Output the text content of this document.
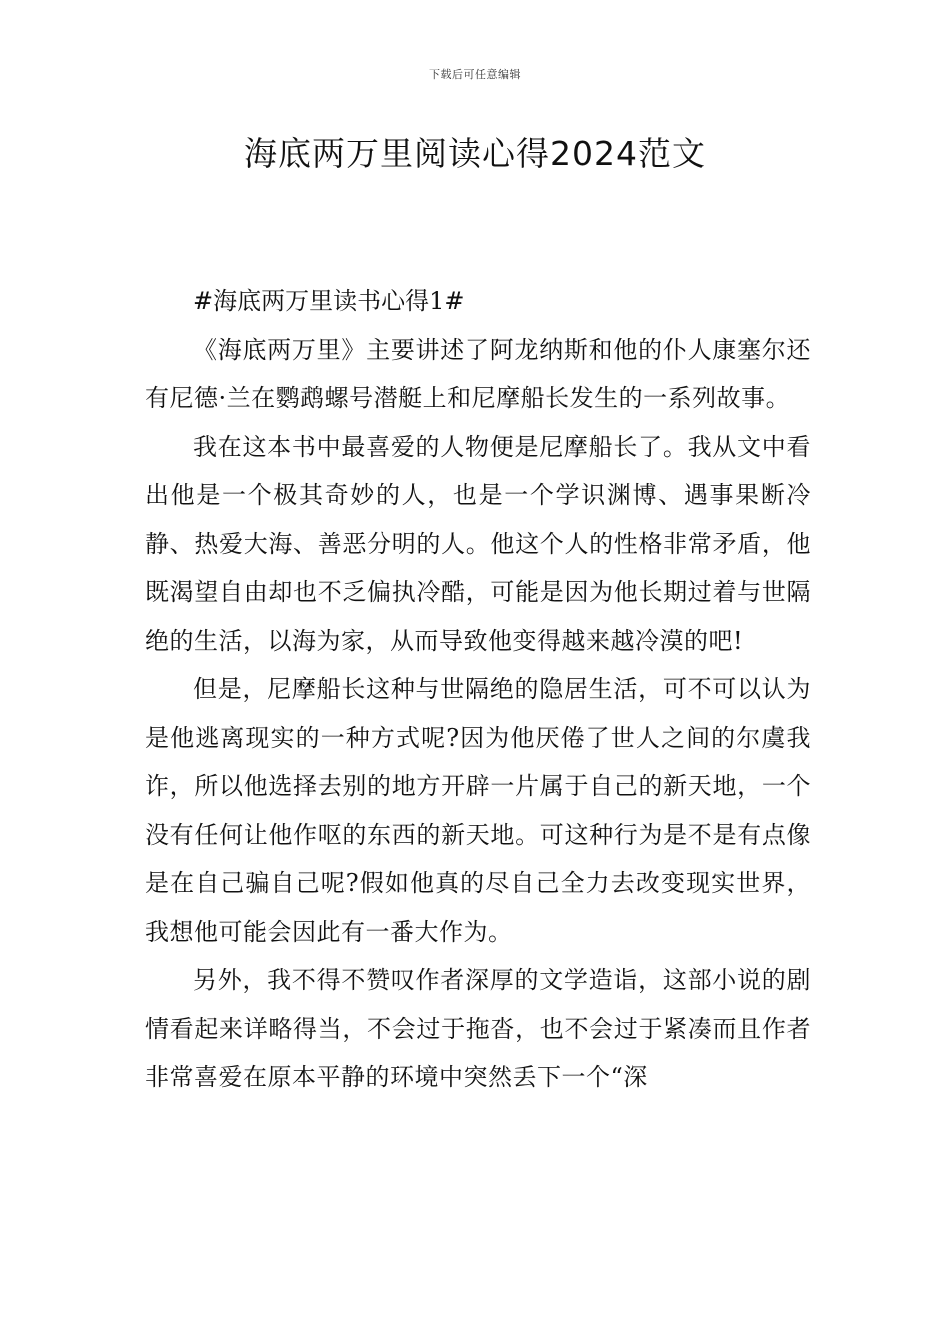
下载后可任意编辑
海底两万里阅读心得2024范文
#海底两万里读书心得1#

《海底两万里》主要讲述了阿龙纳斯和他的仆人康塞尔还有尼德·兰在鹦鹉螺号潜艇上和尼摩船长发生的一系列故事。

我在这本书中最喜爱的人物便是尼摩船长了。我从文中看出他是一个极其奇妙的人，也是一个学识渊博、遇事果断冷静、热爱大海、善恶分明的人。他这个人的性格非常矛盾，他既渴望自由却也不乏偏执冷酷，可能是因为他长期过着与世隔绝的生活，以海为家，从而导致他变得越来越冷漠的吧!

但是，尼摩船长这种与世隔绝的隐居生活，可不可以认为是他逃离现实的一种方式呢?因为他厌倦了世人之间的尔虞我诈，所以他选择去别的地方开辟一片属于自己的新天地，一个没有任何让他作呕的东西的新天地。可这种行为是不是有点像是在自己骗自己呢?假如他真的尽自己全力去改变现实世界，我想他可能会因此有一番大作为。

另外，我不得不赞叹作者深厚的文学造诣，这部小说的剧情看起来详略得当，不会过于拖沓，也不会过于紧凑而且作者非常喜爱在原本平静的环境中突然丢下一个“深
